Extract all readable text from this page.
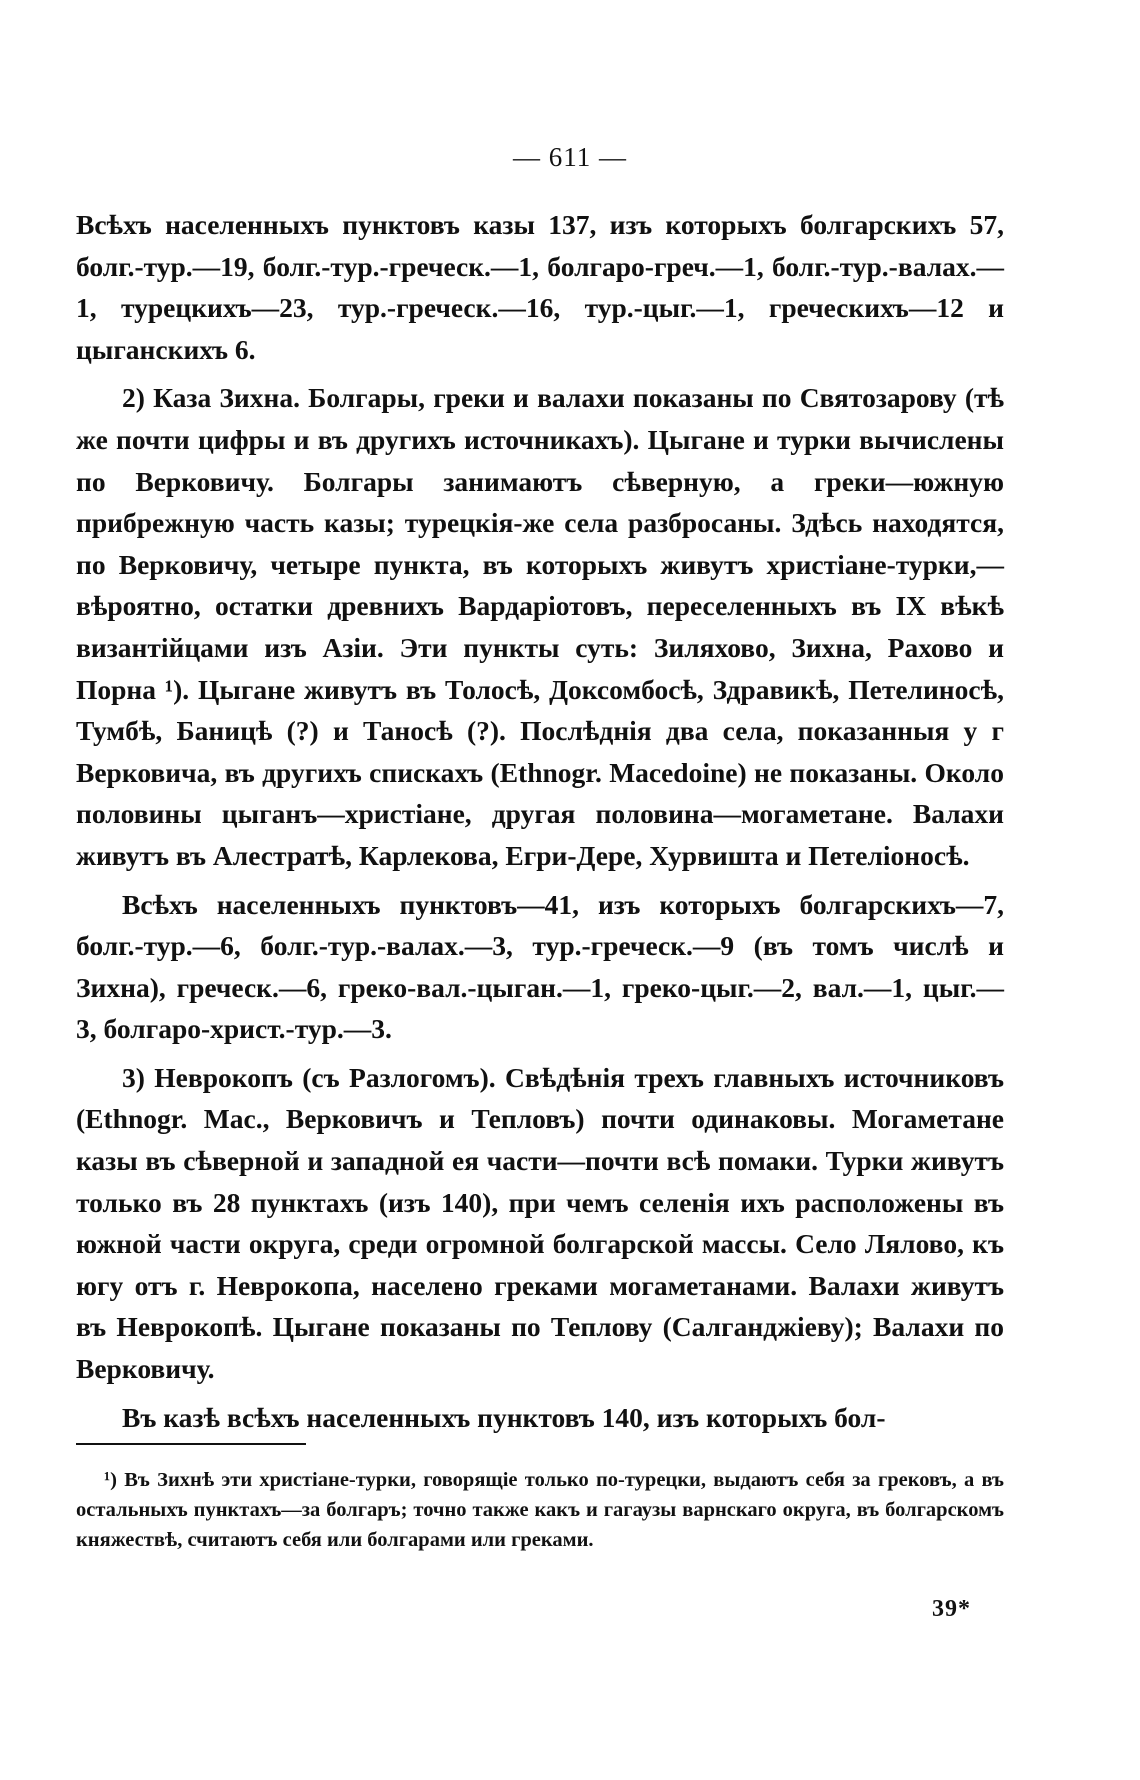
— 611 —

Всѣхъ населенныхъ пунктовъ казы 137, изъ которыхъ болгарскихъ 57, болг.-тур.—19, болг.-тур.-греческ.—1, болгаро-греч.—1, болг.-тур.-валах.—1, турецкихъ—23, тур.-греческ.—16, тур.-цыг.—1, греческихъ—12 и цыганскихъ 6.

2) Каза Зихна. Болгары, греки и валахи показаны по Святозарову (тѣ же почти цифры и въ другихъ источникахъ). Цыгане и турки вычислены по Верковичу. Болгары занимаютъ сѣверную, а греки—южную прибрежную часть казы; турецкія-же села разбросаны. Здѣсь находятся, по Верковичу, четыре пункта, въ которыхъ живутъ христiане-турки,—вѣроятно, остатки древнихъ Вардаріотовъ, переселенныхъ въ IX вѣкѣ византійцами изъ Азіи. Эти пункты суть: Зиляхово, Зихна, Рахово и Порна ¹). Цыгане живутъ въ Толосѣ, Доксомбосѣ, Здравикѣ, Петелиносѣ, Тумбѣ, Баницѣ (?) и Таносѣ (?). Послѣднія два села, показанныя у г Верковича, въ другихъ спискахъ (Ethnogr. Macedoine) не показаны. Около половины цыганъ—христіане, другая половина—могаметане. Валахи живутъ въ Алестратѣ, Карлекова, Егри-Дере, Хурвишта и Петеліоносѣ.

Всѣхъ населенныхъ пунктовъ—41, изъ которыхъ болгарскихъ—7, болг.-тур.—6, болг.-тур.-валах.—3, тур.-греческ.—9 (въ томъ числѣ и Зихна), греческ.—6, греко-вал.-цыган.—1, греко-цыг.—2, вал.—1, цыг.—3, болгаро-христ.-тур.—3.

3) Неврокопъ (съ Разлогомъ). Свѣдѣнія трехъ главныхъ источниковъ (Ethnogr. Mac., Верковичъ и Тепловъ) почти одинаковы. Могаметане казы въ сѣверной и западной ея части—почти всѣ помаки. Турки живутъ только въ 28 пунктахъ (изъ 140), при чемъ селенія ихъ расположены въ южной части округа, среди огромной болгарской массы. Село Лялово, къ югу отъ г. Неврокопа, населено греками могаметанами. Валахи живутъ въ Неврокопѣ. Цыгане показаны по Теплову (Салганджіеву); Валахи по Верковичу.

Въ казѣ всѣхъ населенныхъ пунктовъ 140, изъ которыхъ бол-

¹) Въ Зихнѣ эти христіане-турки, говорящіе только по-турецки, выдаютъ себя за грековъ, а въ остальныхъ пунктахъ—за болгаръ; точно также какъ и гагаузы варнскаго округа, въ болгарскомъ княжествѣ, считаютъ себя или болгарами или греками.
39*
